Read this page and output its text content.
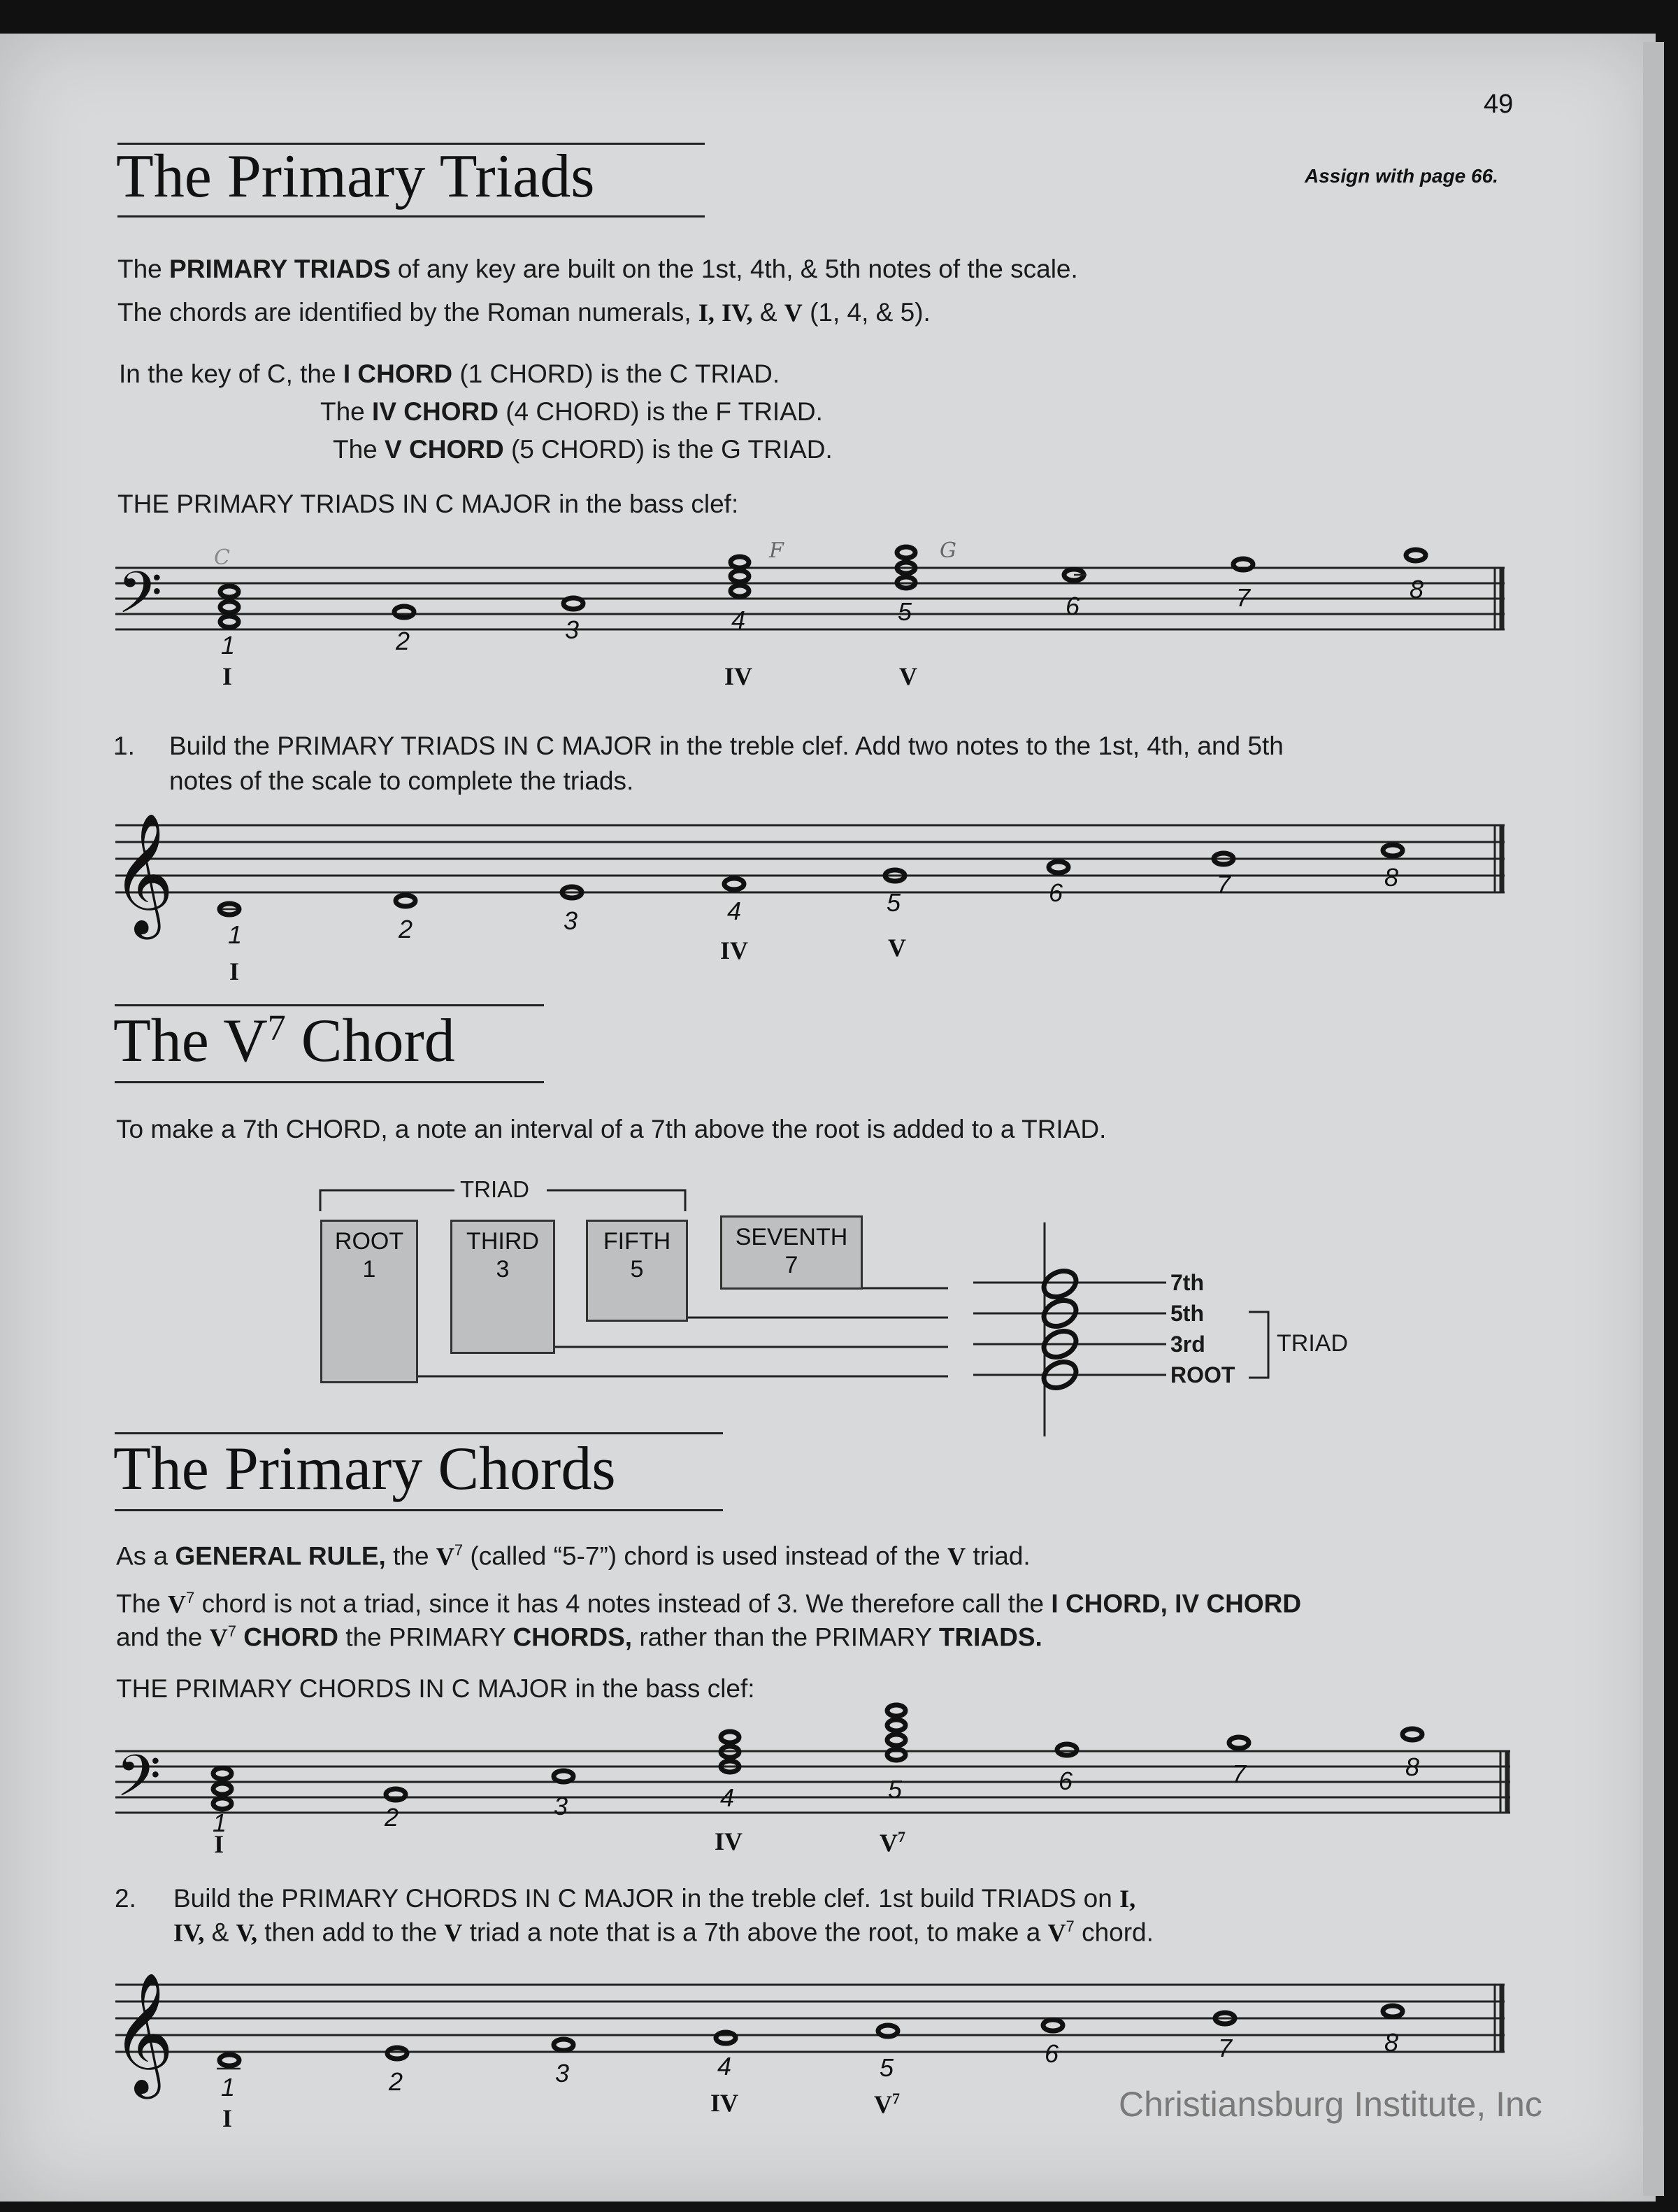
49
Assign with page 66.
The Primary Triads
The PRIMARY TRIADS of any key are built on the 1st, 4th, & 5th notes of the scale.
The chords are identified by the Roman numerals, I, IV, & V (1, 4, & 5).
In the key of C, the I CHORD (1 CHORD) is the C TRIAD.
The IV CHORD (4 CHORD) is the F TRIAD.
The V CHORD (5 CHORD) is the G TRIAD.
THE PRIMARY TRIADS IN C MAJOR in the bass clef:
𝄢
1	2	3	4	5	6	7	8
I	IV	V
C	F	G
1. Build the PRIMARY TRIADS IN C MAJOR in the treble clef. Add two notes to the 1st, 4th, and 5th
notes of the scale to complete the triads.
𝄞
1	2	3	4	5	6	7	8
I
IV	V
The $V^7$ Chord
To make a 7th CHORD, a note an interval of a 7th above the root is added to a TRIAD.
TRIAD
ROOT
1
THIRD
3
FIFTH
5
SEVENTH
7
7th
5th
3rd
ROOT
TRIAD
The Primary Chords
As a GENERAL RULE, the $V^7$ (called “5-7”) chord is used instead of the V triad.
The $V^7$ chord is not a triad, since it has 4 notes instead of 3. We therefore call the I CHORD, IV CHORD
and the $V^7$ CHORD the PRIMARY CHORDS, rather than the PRIMARY TRIADS.
THE PRIMARY CHORDS IN C MAJOR in the bass clef:
𝄢 1	2	3	4	5	6	7	8
I	IV	$V^7$
2. Build the PRIMARY CHORDS IN C MAJOR in the treble clef. 1st build TRIADS on I,
IV, & V, then add to the V triad a note that is a 7th above the root, to make a $V^7$ chord.
𝄞 1	2	3	4	5	6	7	8
I
IV	$V^7$	Christiansburg Institute, Inc
